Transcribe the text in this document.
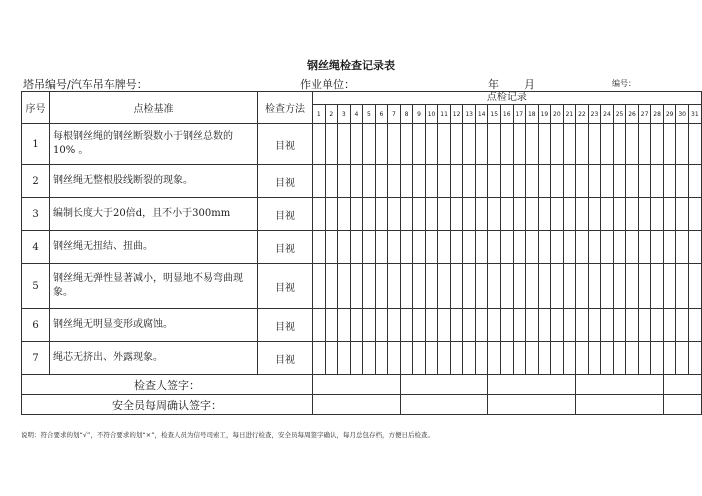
钢丝绳检查记录表
塔吊编号/汽车吊车牌号：	作业单位：	年 月	编号：
序号	点检基准	检查方法	点检记录																														
			1	2	3	4	5	6	7	8	9	10	11	12	13	14	15	16	17	18	19	20	21	22	23	24	25	26	27	28	29	30	31
1	每根钢丝绳的钢丝断裂数小于钢丝总数的10% 。	目视																															
2	钢丝绳无整根股线断裂的现象。	目视																															
3	编制长度大于20倍d，且不小于300mm	目视																															
4	钢丝绳无扭结、扭曲。	目视																															
5	钢丝绳无弹性显著减小，明显地不易弯曲现象。	目视																															
6	钢丝绳无明显变形或腐蚀。	目视																															
7	绳芯无挤出、外露现象。	目视																															
检查人签字：																																	
安全员每周确认签字：																																	
说明：符合要求的划“√”，不符合要求的划“×”，检查人员为信号司索工，每日进行检查，安全员每周签字确认，每月总包存档，方便日后检查。
